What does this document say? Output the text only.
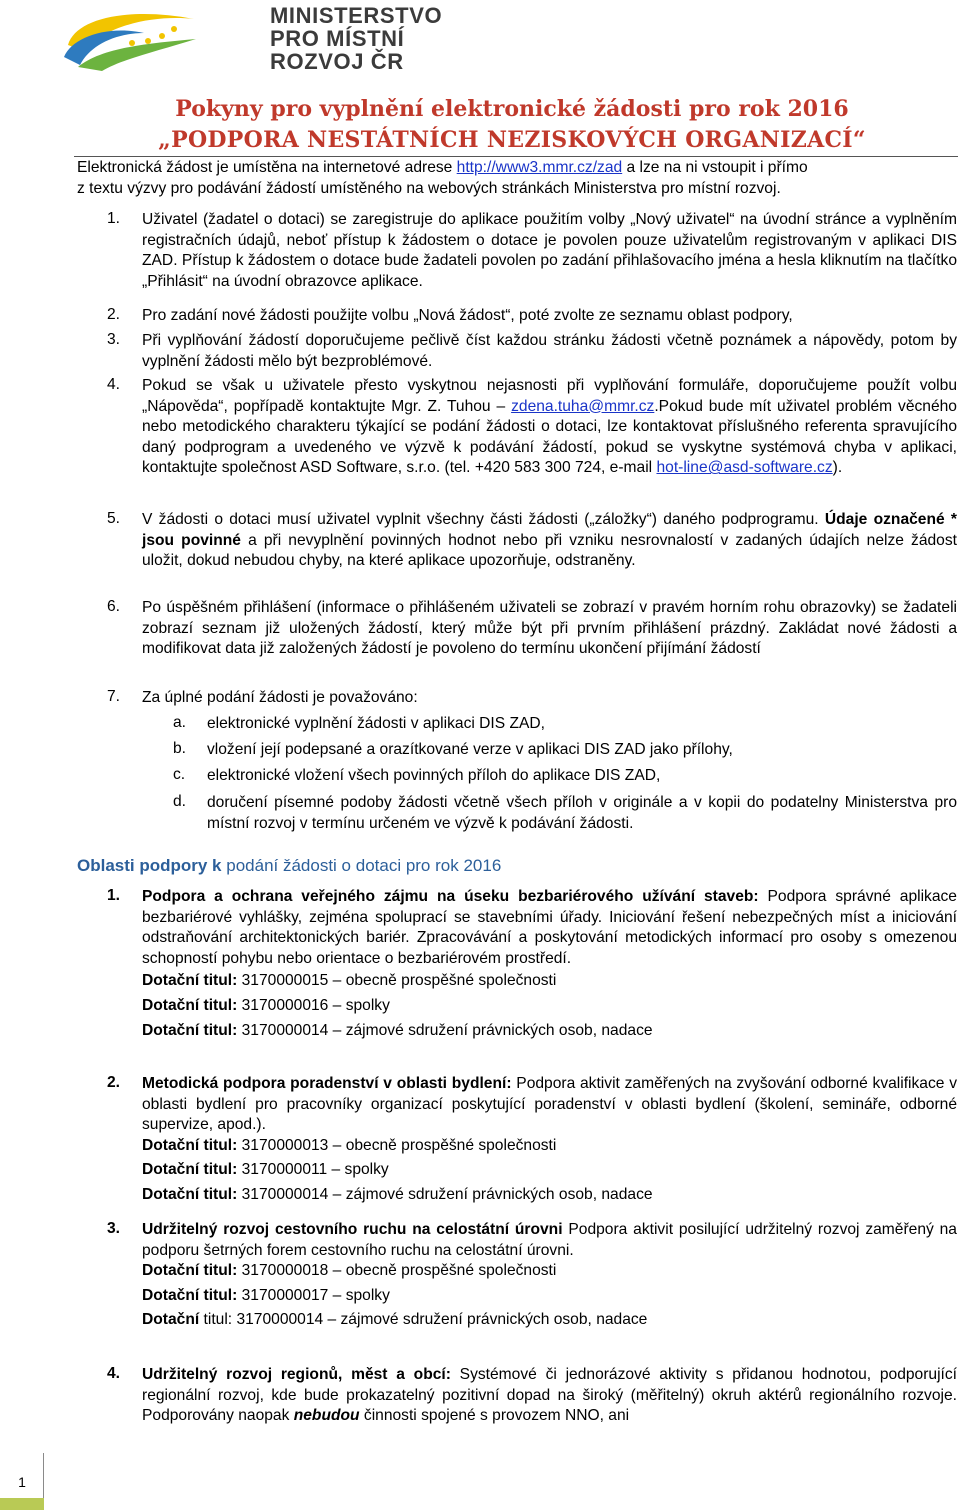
MINISTERSTVO
PRO MÍSTNÍ
ROZVOJ ČR
Pokyny pro vyplnění elektronické žádosti pro rok 2016
„PODPORA NESTÁTNÍCH NEZISKOVÝCH ORGANIZACÍ“
Elektronická žádost je umístěna na internetové adrese http://www3.mmr.cz/zad a lze na ni vstoupit i přímo
z textu výzvy pro podávání žádostí umístěného na webových stránkách Ministerstva pro místní rozvoj.
1. Uživatel (žadatel o dotaci) se zaregistruje do aplikace použitím volby „Nový uživatel“ na úvodní stránce a vyplněním registračních údajů, neboť přístup k žádostem o dotace je povolen pouze uživatelům registrovaným v aplikaci DIS ZAD. Přístup k žádostem o dotace bude žadateli povolen po zadání přihlašovacího jména a hesla kliknutím na tlačítko „Přihlásit“ na úvodní obrazovce aplikace.
2. Pro zadání nové žádosti použijte volbu „Nová žádost“, poté zvolte ze seznamu oblast podpory,
3. Při vyplňování žádostí doporučujeme pečlivě číst každou stránku žádosti včetně poznámek a nápovědy, potom by vyplnění žádosti mělo být bezproblémové.
4. Pokud se však u uživatele přesto vyskytnou nejasnosti při vyplňování formuláře, doporučujeme použít volbu „Nápověda“, popřípadě kontaktujte Mgr. Z. Tuhou – zdena.tuha@mmr.cz.Pokud bude mít uživatel problém věcného nebo metodického charakteru týkající se podání žádosti o dotaci, lze kontaktovat příslušného referenta spravujícího daný podprogram a uvedeného ve výzvě k podávání žádostí, pokud se vyskytne systémová chyba v aplikaci, kontaktujte společnost ASD Software, s.r.o. (tel. +420 583 300 724, e-mail hot-line@asd-software.cz).
5. V žádosti o dotaci musí uživatel vyplnit všechny části žádosti („záložky“) daného podprogramu. Údaje označené * jsou povinné a při nevyplnění povinných hodnot nebo při vzniku nesrovnalostí v zadaných údajích nelze žádost uložit, dokud nebudou chyby, na které aplikace upozorňuje, odstraněny.
6. Po úspěšném přihlášení (informace o přihlášeném uživateli se zobrazí v pravém horním rohu obrazovky) se žadateli zobrazí seznam již uložených žádostí, který může být při prvním přihlášení prázdný. Zakládat nové žádosti a modifikovat data již založených žádostí je povoleno do termínu ukončení přijímání žádostí
7. Za úplné podání žádosti je považováno:
a. elektronické vyplnění žádosti v aplikaci DIS ZAD,
b. vložení její podepsané a orazítkované verze v aplikaci DIS ZAD jako přílohy,
c. elektronické vložení všech povinných příloh do aplikace DIS ZAD,
d. doručení písemné podoby žádosti včetně všech příloh v originále a v kopii do podatelny Ministerstva pro místní rozvoj v termínu určeném ve výzvě k podávání žádosti.
Oblasti podpory k podání žádosti o dotaci pro rok 2016
1. Podpora a ochrana veřejného zájmu na úseku bezbariérového užívání staveb: Podpora správné aplikace bezbariérové vyhlášky, zejména spoluprací se stavebními úřady. Iniciování řešení nebezpečných míst a iniciování odstraňování architektonických bariér. Zpracovávání a poskytování metodických informací pro osoby s omezenou schopností pohybu nebo orientace o bezbariérovém prostředí.
Dotační titul: 3170000015 – obecně prospěšné společnosti
Dotační titul: 3170000016 – spolky
Dotační titul: 3170000014 – zájmové sdružení právnických osob, nadace
2. Metodická podpora poradenství v oblasti bydlení: Podpora aktivit zaměřených na zvyšování odborné kvalifikace v oblasti bydlení pro pracovníky organizací poskytující poradenství v oblasti bydlení (školení, semináře, odborné supervize, apod.).
Dotační titul: 3170000013 – obecně prospěšné společnosti
Dotační titul: 3170000011 – spolky
Dotační titul: 3170000014 – zájmové sdružení právnických osob, nadace
3. Udržitelný rozvoj cestovního ruchu na celostátní úrovni Podpora aktivit posilující udržitelný rozvoj zaměřený na podporu šetrných forem cestovního ruchu na celostátní úrovni.
Dotační titul: 3170000018 – obecně prospěšné společnosti
Dotační titul: 3170000017 – spolky
Dotační titul: 3170000014 – zájmové sdružení právnických osob, nadace
4. Udržitelný rozvoj regionů, měst a obcí: Systémové či jednorázové aktivity s přidanou hodnotou, podporující regionální rozvoj, kde bude prokazatelný pozitivní dopad na široký (měřitelný) okruh aktérů regionálního rozvoje. Podporovány naopak nebudou činnosti spojené s provozem NNO, ani
1
